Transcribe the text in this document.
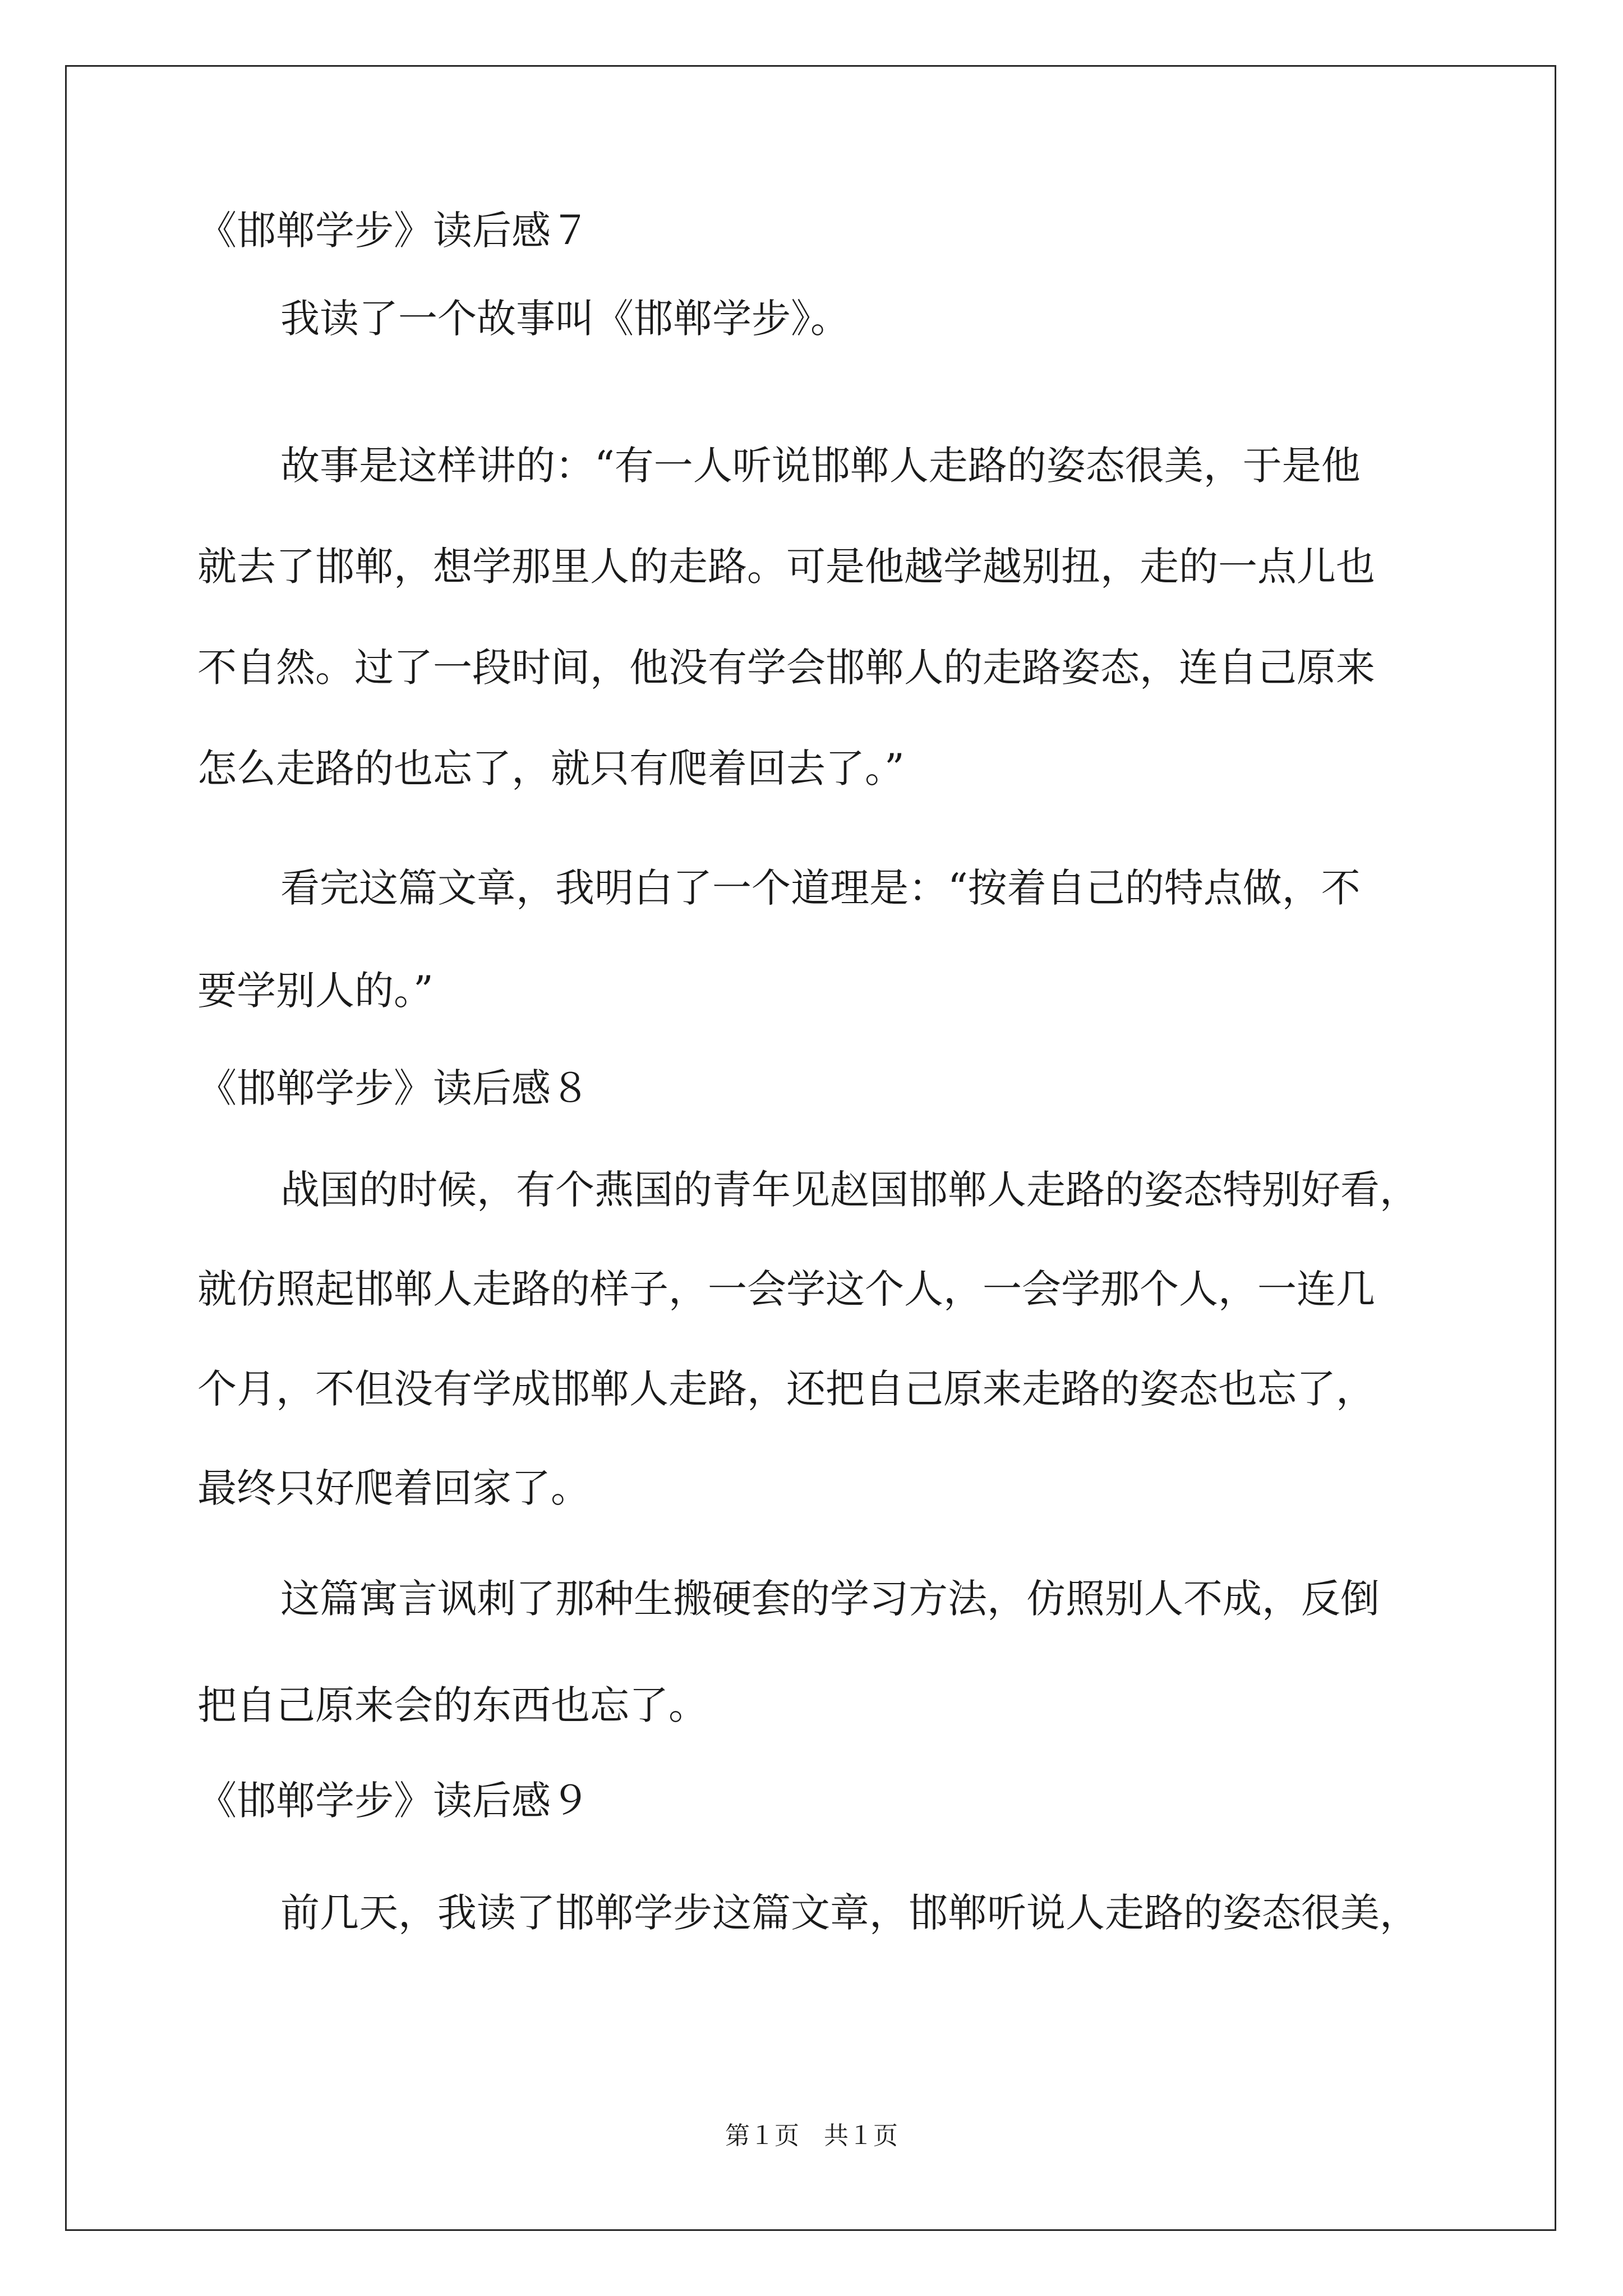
《邯郸学步》读后感７
我读了一个故事叫《邯郸学步》。
故事是这样讲的：“有一人听说邯郸人走路的姿态很美，于是他
就去了邯郸，想学那里人的走路。可是他越学越别扭，走的一点儿也
不自然。过了一段时间，他没有学会邯郸人的走路姿态，连自己原来
怎么走路的也忘了，就只有爬着回去了。”
看完这篇文章，我明白了一个道理是：“按着自己的特点做，不
要学别人的。”
《邯郸学步》读后感８
战国的时候，有个燕国的青年见赵国邯郸人走路的姿态特别好看，
就仿照起邯郸人走路的样子，一会学这个人，一会学那个人，一连几
个月，不但没有学成邯郸人走路，还把自己原来走路的姿态也忘了，
最终只好爬着回家了。
这篇寓言讽刺了那种生搬硬套的学习方法，仿照别人不成，反倒
把自己原来会的东西也忘了。
《邯郸学步》读后感９
前几天，我读了邯郸学步这篇文章，邯郸听说人走路的姿态很美，
第１页 共１页
